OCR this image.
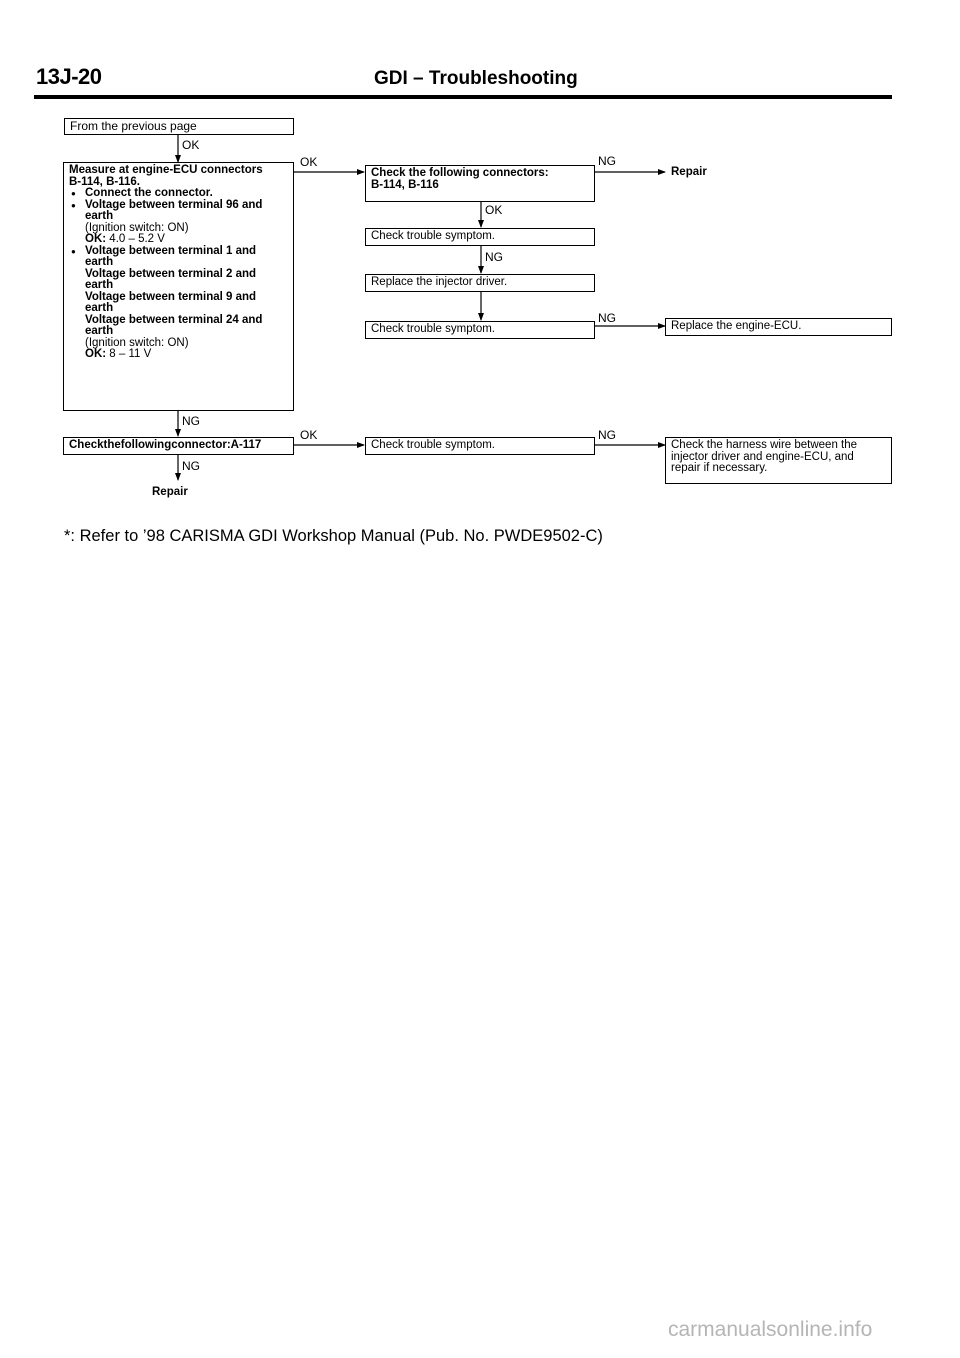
13J-20	GDI – Troubleshooting
From the previous page
Measure at engine-ECU connectors
B-114, B-116.
● Connect the connector.
● Voltage between terminal 96 and
earth
(Ignition switch: ON)
OK: 4.0 – 5.2 V
● Voltage between terminal 1 and
earth
Voltage between terminal 2 and
earth
Voltage between terminal 9 and
earth
Voltage between terminal 24 and
earth
(Ignition switch: ON)
OK: 8 – 11 V
Check the following connectors:
B-114, B-116
Check trouble symptom.
Replace the injector driver.
Check trouble symptom.	Replace the engine-ECU.
Checkthefollowingconnector:A-117	Check trouble symptom.	Check the harness wire between the
injector driver and engine-ECU, and
repair if necessary.
OK
OK	NG
Repair
OK
NG
NG
NG
OK	NG
NG
Repair
*: Refer to ’98 CARISMA GDI Workshop Manual (Pub. No. PWDE9502-C)
carmanualsonline.info
